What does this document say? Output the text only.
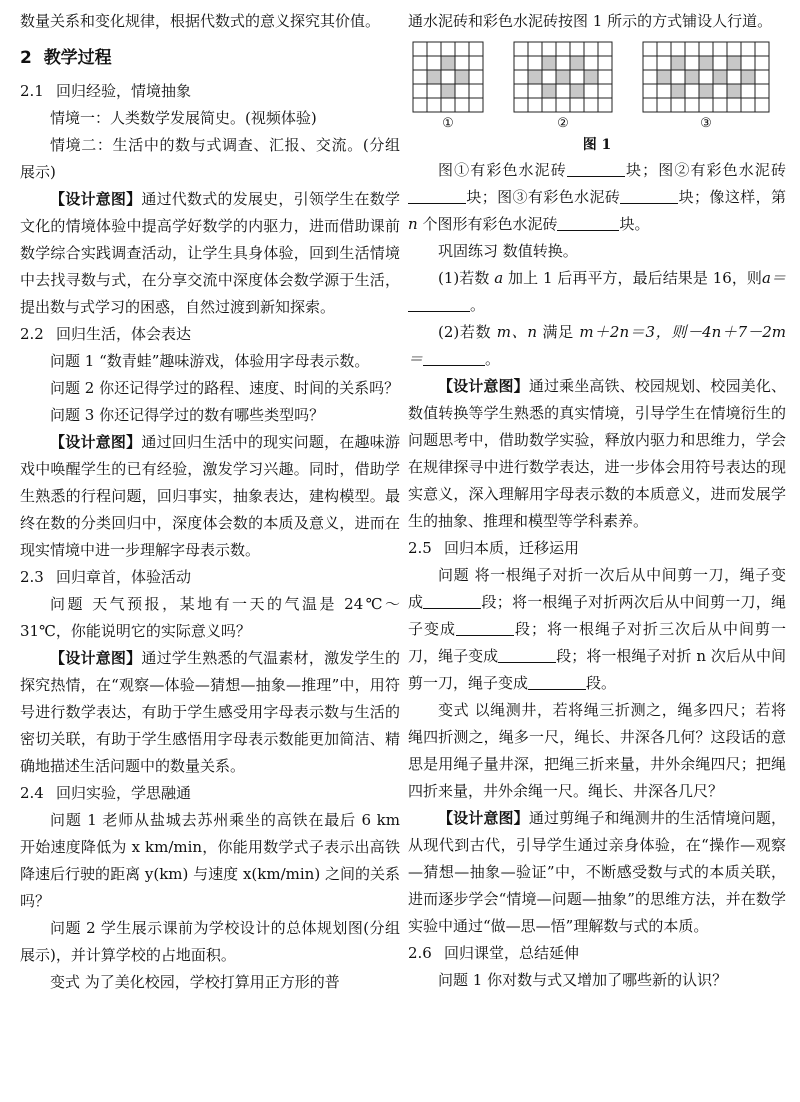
数量关系和变化规律，根据代数式的意义探究其价值。

2 教学过程
2.1 回归经验，情境抽象

情境一：人类数学发展简史。(视频体验)

情境二：生活中的数与式调查、汇报、交流。(分组展示)

【设计意图】通过代数式的发展史，引领学生在数学文化的情境体验中提高学好数学的内驱力，进而借助课前数学综合实践调查活动，让学生具身体验，回到生活情境中去找寻数与式，在分享交流中深度体会数学源于生活，提出数与式学习的困惑，自然过渡到新知探索。

2.2 回归生活，体会表达

问题 1 “数青蛙”趣味游戏，体验用字母表示数。

问题 2 你还记得学过的路程、速度、时间的关系吗？

问题 3 你还记得学过的数有哪些类型吗？

【设计意图】通过回归生活中的现实问题，在趣味游戏中唤醒学生的已有经验，激发学习兴趣。同时，借助学生熟悉的行程问题，回归事实，抽象表达，建构模型。最终在数的分类回归中，深度体会数的本质及意义，进而在现实情境中进一步理解字母表示数。

2.3 回归章首，体验活动

问题 天气预报，某地有一天的气温是 24℃～31℃，你能说明它的实际意义吗？

【设计意图】通过学生熟悉的气温素材，激发学生的探究热情，在“观察—体验—猜想—抽象—推理”中，用符号进行数学表达，有助于学生感受用字母表示数与生活的密切关联，有助于学生感悟用字母表示数能更加简洁、精确地描述生活问题中的数量关系。

2.4 回归实验，学思融通

问题 1 老师从盐城去苏州乘坐的高铁在最后 6 km 开始速度降低为 x km/min，你能用数学式子表示出高铁降速后行驶的距离 y(km) 与速度 x(km/min) 之间的关系吗？

问题 2 学生展示课前为学校设计的总体规划图(分组展示)，并计算学校的占地面积。

变式 为了美化校园，学校打算用正方形的普

通水泥砖和彩色水泥砖按图 1 所示的方式铺设人行道。

①	②	③
图 1

图①有彩色水泥砖	块；图②有彩色水泥砖块；图③有彩色水泥砖	块；像这样，第 n 个图形有彩色水泥砖	块。

巩固练习 数值转换。

(1)若数 a 加上 1 后再平方，最后结果是 16，则a＝。

(2)若数 m、n 满足 m＋2n＝3，则－4n＋7－2m＝	。

【设计意图】通过乘坐高铁、校园规划、校园美化、数值转换等学生熟悉的真实情境，引导学生在情境衍生的问题思考中，借助数学实验，释放内驱力和思维力，学会在规律探寻中进行数学表达，进一步体会用符号表达的现实意义，深入理解用字母表示数的本质意义，进而发展学生的抽象、推理和模型等学科素养。

2.5 回归本质，迁移运用

问题 将一根绳子对折一次后从中间剪一刀，绳子变成	段；将一根绳子对折两次后从中间剪一刀，绳子变成	段；将一根绳子对折三次后从中间剪一刀，绳子变成	段；将一根绳子对折 n 次后从中间剪一刀，绳子变成	段。

变式 以绳测井，若将绳三折测之，绳多四尺；若将绳四折测之，绳多一尺，绳长、井深各几何？这段话的意思是用绳子量井深，把绳三折来量，井外余绳四尺；把绳四折来量，井外余绳一尺。绳长、井深各几尺？

【设计意图】通过剪绳子和绳测井的生活情境问题，从现代到古代，引导学生通过亲身体验，在“操作—观察—猜想—抽象—验证”中，不断感受数与式的本质关联，进而逐步学会“情境—问题—抽象”的思维方法，并在数学实验中通过“做—思—悟”理解数与式的本质。

2.6 回归课堂，总结延伸

问题 1 你对数与式又增加了哪些新的认识？
